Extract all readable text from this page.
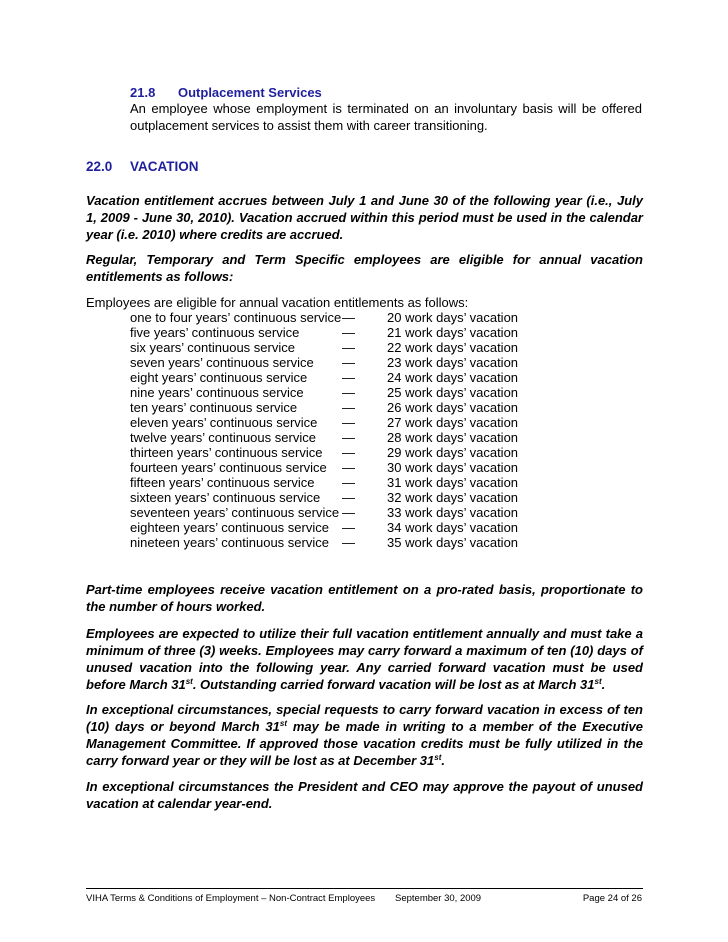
21.8 Outplacement Services
An employee whose employment is terminated on an involuntary basis will be offered outplacement services to assist them with career transitioning.
22.0 VACATION
Vacation entitlement accrues between July 1 and June 30 of the following year (i.e., July 1, 2009 - June 30, 2010). Vacation accrued within this period must be used in the calendar year (i.e. 2010) where credits are accrued.
Regular, Temporary and Term Specific employees are eligible for annual vacation entitlements as follows:
Employees are eligible for annual vacation entitlements as follows:
one to four years’ continuous service — 20 work days’ vacation
five years’ continuous service	— 21 work days’ vacation
six years’ continuous service	— 22 work days’ vacation
seven years’ continuous service — 23 work days’ vacation
eight years’ continuous service	— 24 work days’ vacation
nine years’ continuous service	— 25 work days’ vacation
ten years’ continuous service	— 26 work days’ vacation
eleven years’ continuous service — 27 work days’ vacation
twelve years’ continuous service — 28 work days’ vacation
thirteen years’ continuous service — 29 work days’ vacation
fourteen years’ continuous service — 30 work days’ vacation
fifteen years’ continuous service — 31 work days’ vacation
sixteen years’ continuous service — 32 work days’ vacation
seventeen years’ continuous service — 33 work days’ vacation
eighteen years’ continuous service — 34 work days’ vacation
nineteen years’ continuous service — 35 work days’ vacation
Part-time employees receive vacation entitlement on a pro-rated basis, proportionate to the number of hours worked.
Employees are expected to utilize their full vacation entitlement annually and must take a minimum of three (3) weeks. Employees may carry forward a maximum of ten (10) days of unused vacation into the following year. Any carried forward vacation must be used before March 31st. Outstanding carried forward vacation will be lost as at March 31st.
In exceptional circumstances, special requests to carry forward vacation in excess of ten (10) days or beyond March 31st may be made in writing to a member of the Executive Management Committee. If approved those vacation credits must be fully utilized in the carry forward year or they will be lost as at December 31st.
In exceptional circumstances the President and CEO may approve the payout of unused vacation at calendar year-end.
VIHA Terms & Conditions of Employment – Non-Contract Employees September 30, 2009	Page 24 of 26
